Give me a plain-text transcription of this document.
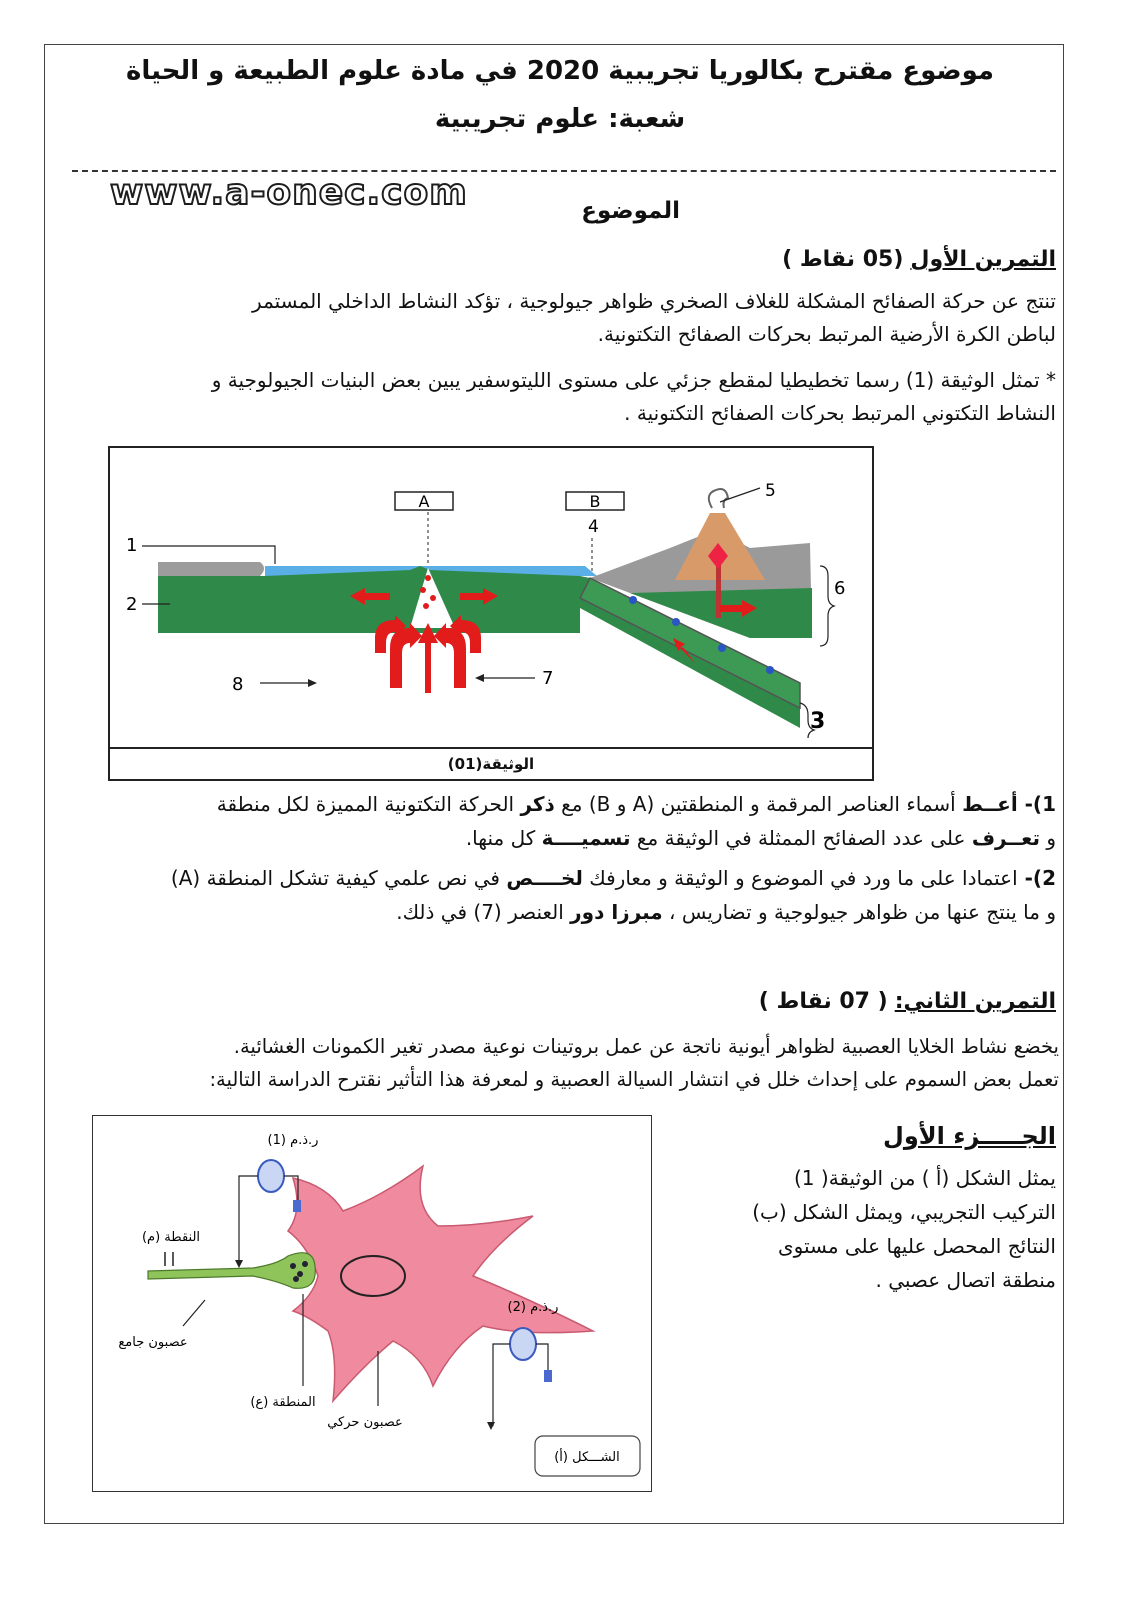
موضوع مقترح بكالوريا تجريبية 2020 في مادة علوم الطبيعة و الحياة
شعبة: علوم تجريبية
www.a-onec.com	الموضوع
التمرين الأول (05 نقاط )
تنتج عن حركة الصفائح المشكلة للغلاف الصخري ظواهر جيولوجية ، تؤكد النشاط الداخلي المستمر
لباطن الكرة الأرضية المرتبط بحركات الصفائح التكتونية.
* تمثل الوثيقة (1) رسما تخطيطيا لمقطع جزئي على مستوى الليتوسفير يبين بعض البنيات الجيولوجية و
النشاط التكتوني المرتبط بحركات الصفائح التكتونية .
A	B
1
2
3
4
5
6
7
8
الوثيقة(01)
1)- أعــط أسماء العناصر المرقمة و المنطقتين (A و B) مع ذكر الحركة التكتونية المميزة لكل منطقة
و تعــرف على عدد الصفائح الممثلة في الوثيقة مع تسميــــة كل منها.
2)- اعتمادا على ما ورد في الموضوع و الوثيقة و معارفك لخــــص في نص علمي كيفية تشكل المنطقة (A)
و ما ينتج عنها من ظواهر جيولوجية و تضاريس ، مبرزا دور العنصر (7) في ذلك.
التمرين الثاني: ( 07 نقاط )
يخضع نشاط الخلايا العصبية لظواهر أيونية ناتجة عن عمل بروتينات نوعية مصدر تغير الكمونات الغشائية.
تعمل بعض السموم على إحداث خلل في انتشار السيالة العصبية و لمعرفة هذا التأثير نقترح الدراسة التالية:
الجـــــزء الأول
يمثل الشكل (أ ) من الوثيقة( 1)
التركيب التجريبي، ويمثل الشكل (ب)
النتائج المحصل عليها على مستوى
منطقة اتصال عصبي .
ر.ذ.م (1)
ر.ذ.م (2)
النقطة (م)
عصبون جامع
المنطقة (ع)
عصبون حركي
الشـــكل (أ)
